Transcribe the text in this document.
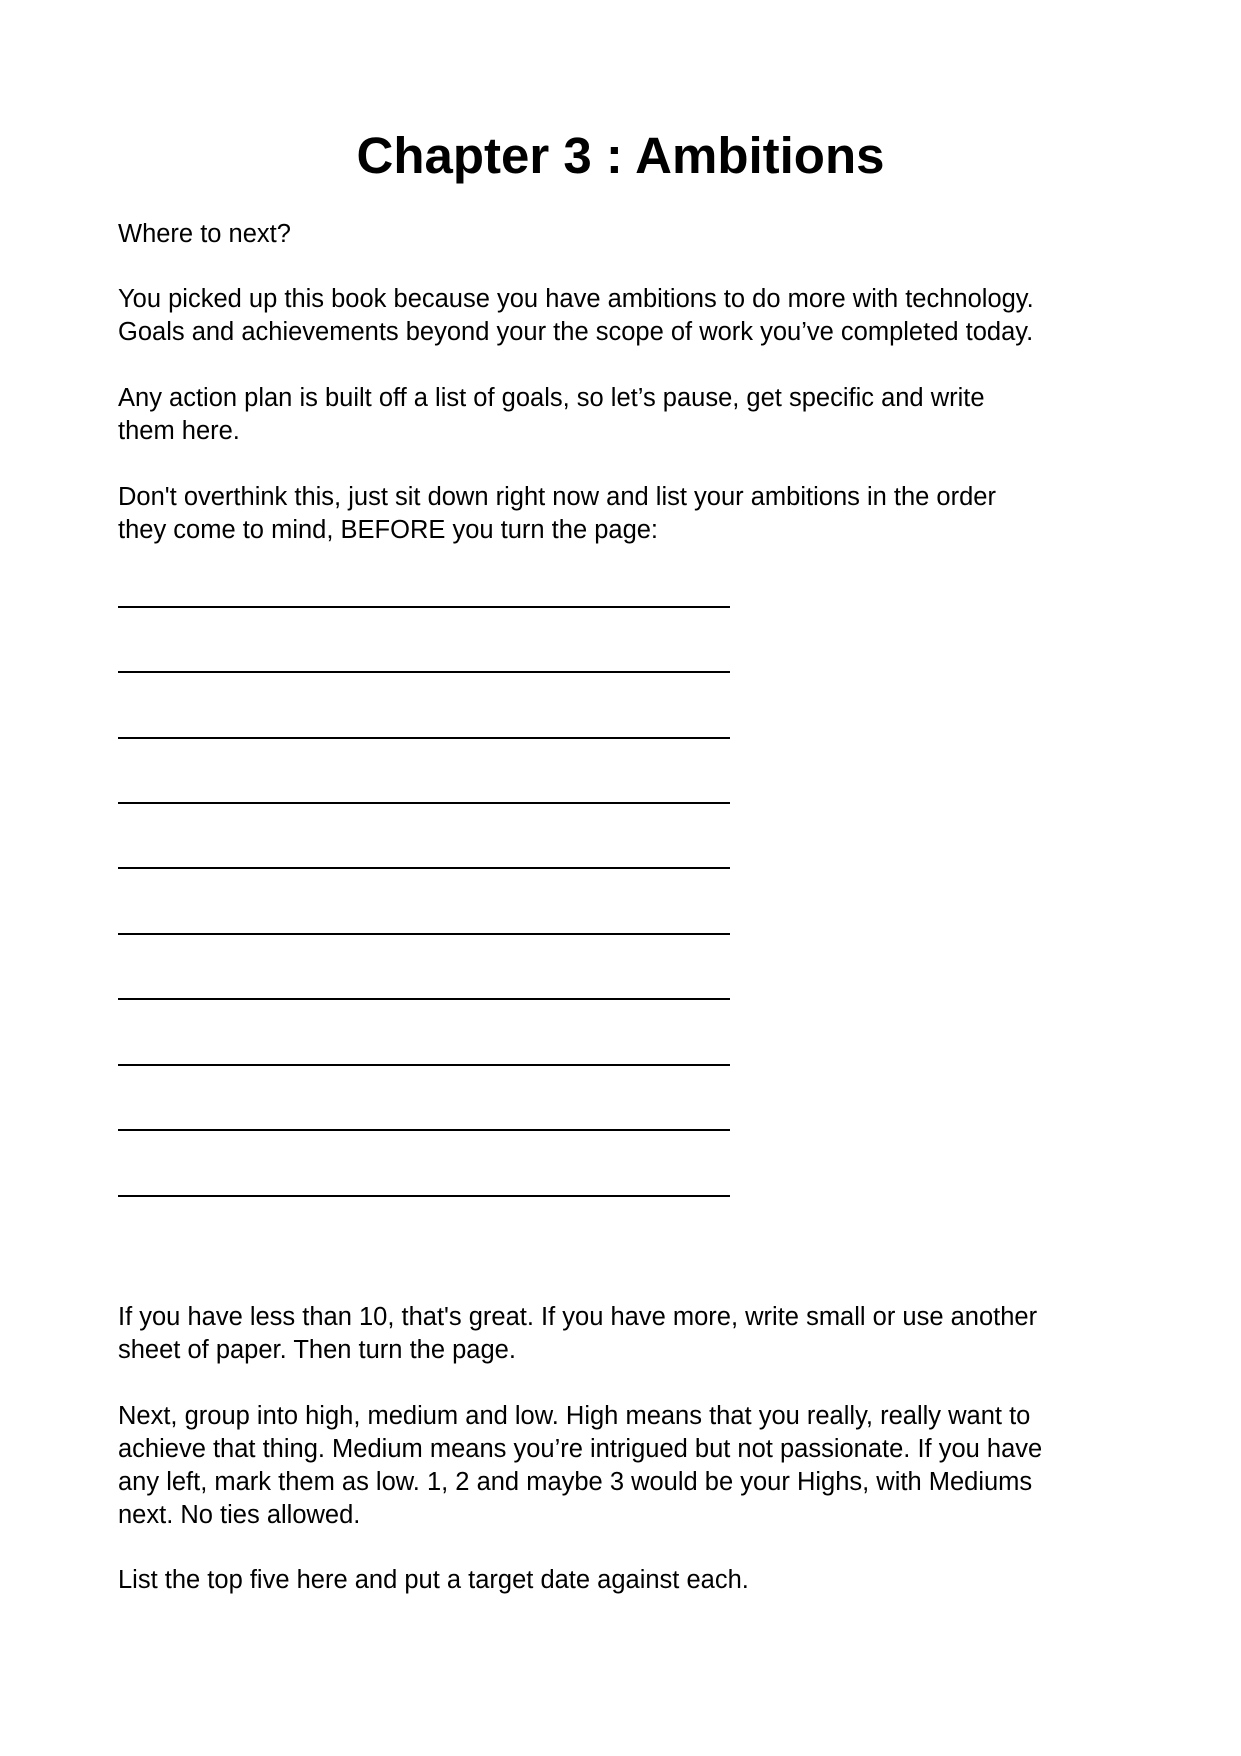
Chapter 3 : Ambitions

Where to next?

You picked up this book because you have ambitions to do more with technology.
Goals and achievements beyond your the scope of work you’ve completed today.

Any action plan is built off a list of goals, so let’s pause, get specific and write
them here.

Don't overthink this, just sit down right now and list your ambitions in the order
they come to mind, BEFORE you turn the page:

If you have less than 10, that's great. If you have more, write small or use another
sheet of paper. Then turn the page.

Next, group into high, medium and low. High means that you really, really want to
achieve that thing. Medium means you’re intrigued but not passionate. If you have
any left, mark them as low. 1, 2 and maybe 3 would be your Highs, with Mediums
next. No ties allowed.

List the top five here and put a target date against each.
